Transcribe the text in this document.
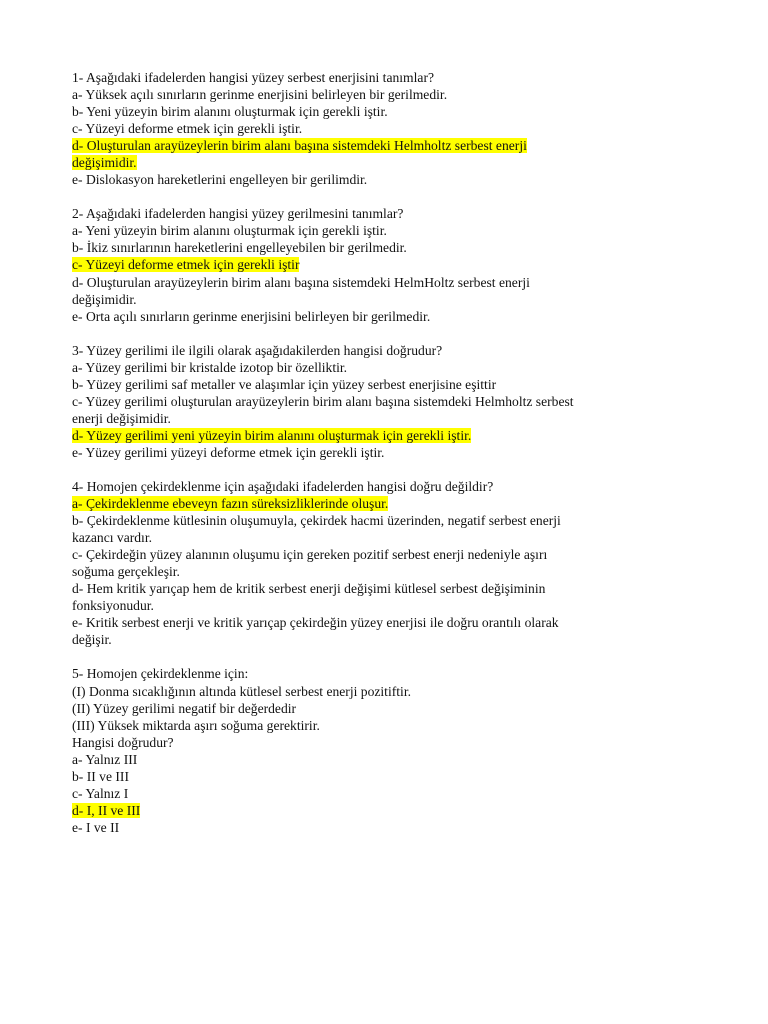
1- Aşağıdaki ifadelerden hangisi yüzey serbest enerjisini tanımlar?
a- Yüksek açılı sınırların gerinme enerjisini belirleyen bir gerilmedir.
b- Yeni yüzeyin birim alanını oluşturmak için gerekli iştir.
c- Yüzeyi deforme etmek için gerekli iştir.
d- Oluşturulan arayüzeylerin birim alanı başına sistemdeki Helmholtz serbest enerji
değişimidir.
e- Dislokasyon hareketlerini engelleyen bir gerilimdir.
2- Aşağıdaki ifadelerden hangisi yüzey gerilmesini tanımlar?
a- Yeni yüzeyin birim alanını oluşturmak için gerekli iştir.
b- İkiz sınırlarının hareketlerini engelleyebilen bir gerilmedir.
c- Yüzeyi deforme etmek için gerekli iştir
d- Oluşturulan arayüzeylerin birim alanı başına sistemdeki HelmHoltz serbest enerji
değişimidir.
e- Orta açılı sınırların gerinme enerjisini belirleyen bir gerilmedir.
3- Yüzey gerilimi ile ilgili olarak aşağıdakilerden hangisi doğrudur?
a- Yüzey gerilimi bir kristalde izotop bir özelliktir.
b- Yüzey gerilimi saf metaller ve alaşımlar için yüzey serbest enerjisine eşittir
c- Yüzey gerilimi oluşturulan arayüzeylerin birim alanı başına sistemdeki Helmholtz serbest
enerji değişimidir.
d- Yüzey gerilimi yeni yüzeyin birim alanını oluşturmak için gerekli iştir.
e- Yüzey gerilimi yüzeyi deforme etmek için gerekli iştir.
4- Homojen çekirdeklenme için aşağıdaki ifadelerden hangisi doğru değildir?
a- Çekirdeklenme ebeveyn fazın süreksizliklerinde oluşur.
b- Çekirdeklenme kütlesinin oluşumuyla, çekirdek hacmi üzerinden, negatif serbest enerji
kazancı vardır.
c- Çekirdeğin yüzey alanının oluşumu için gereken pozitif serbest enerji nedeniyle aşırı
soğuma gerçekleşir.
d- Hem kritik yarıçap hem de kritik serbest enerji değişimi kütlesel serbest değişiminin
fonksiyonudur.
e- Kritik serbest enerji ve kritik yarıçap çekirdeğin yüzey enerjisi ile doğru orantılı olarak
değişir.
5- Homojen çekirdeklenme için:
(I) Donma sıcaklığının altında kütlesel serbest enerji pozitiftir.
(II) Yüzey gerilimi negatif bir değerdedir
(III) Yüksek miktarda aşırı soğuma gerektirir.
Hangisi doğrudur?
a- Yalnız III
b- II ve III
c- Yalnız I
d- I, II ve III
e- I ve II
